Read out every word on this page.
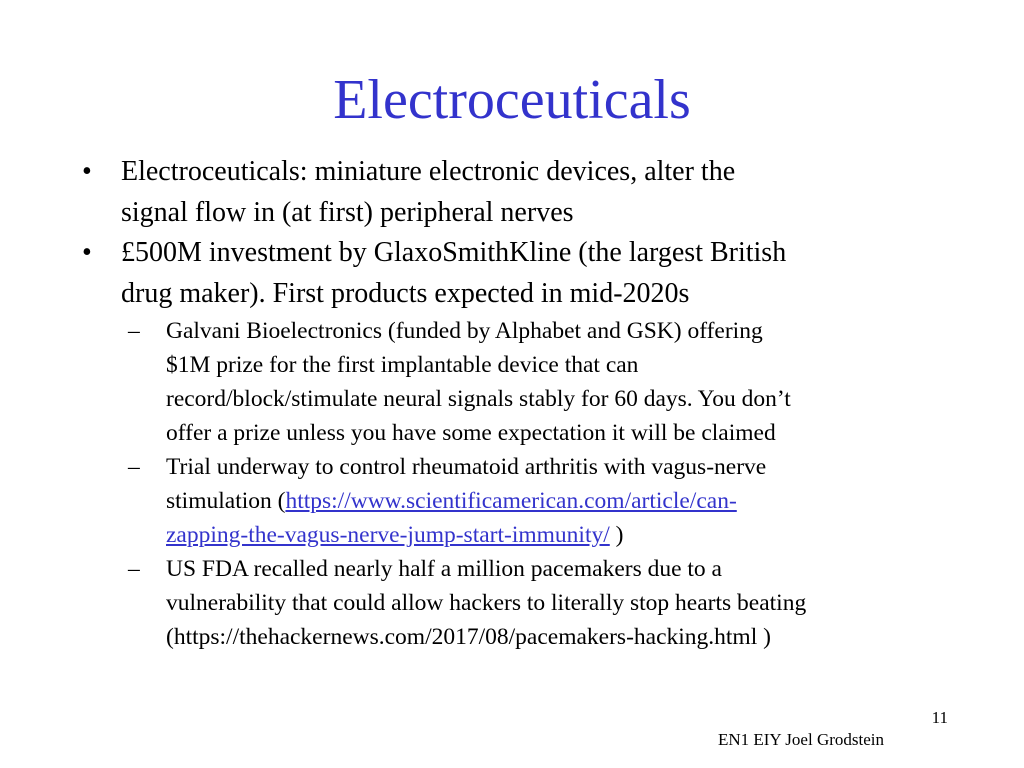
Electroceuticals
• Electroceuticals: miniature electronic devices, alter the
signal flow in (at first) peripheral nerves
• £500M investment by GlaxoSmithKline (the largest British
drug maker). First products expected in mid-2020s
– Galvani Bioelectronics (funded by Alphabet and GSK) offering
$1M prize for the first implantable device that can
record/block/stimulate neural signals stably for 60 days. You don’t
offer a prize unless you have some expectation it will be claimed
– Trial underway to control rheumatoid arthritis with vagus-nerve
stimulation (https://www.scientificamerican.com/article/can-
zapping-the-vagus-nerve-jump-start-immunity/ )
– US FDA recalled nearly half a million pacemakers due to a
vulnerability that could allow hackers to literally stop hearts beating
(https://thehackernews.com/2017/08/pacemakers-hacking.html )
11
EN1 EIY Joel Grodstein
